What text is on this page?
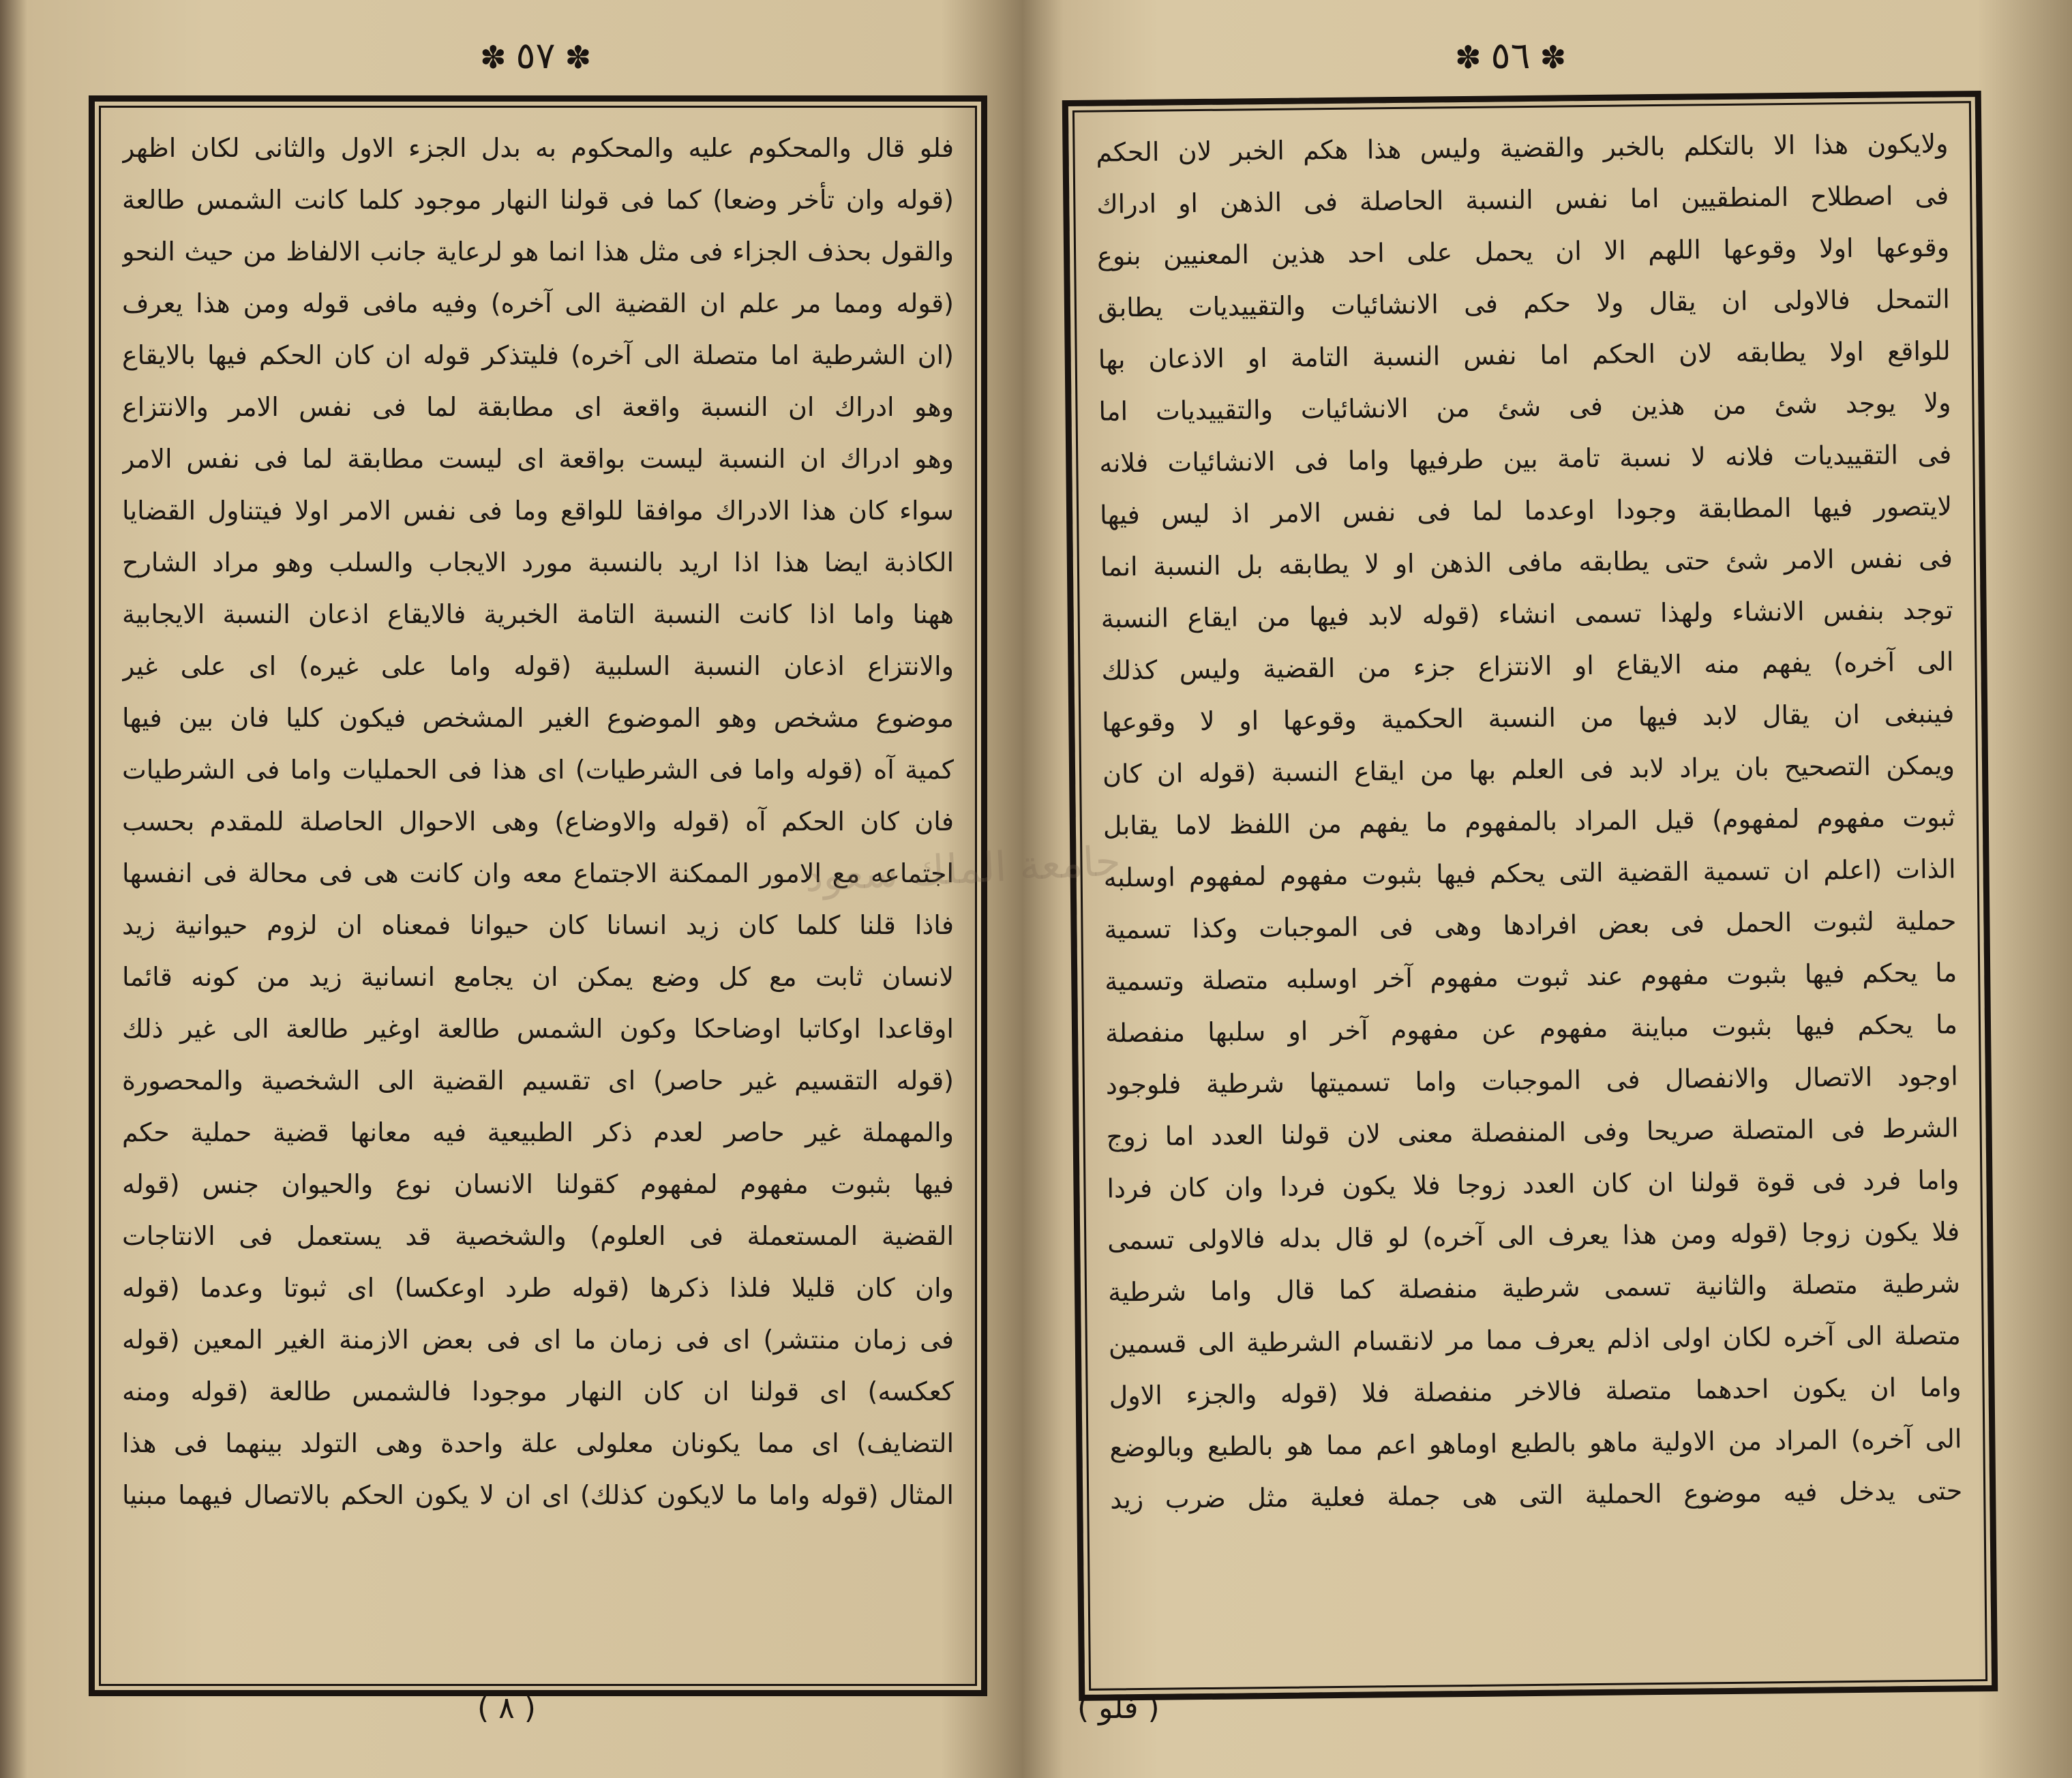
✽ ٥٧ ✽
فلو قال والمحكوم عليه والمحكوم به بدل الجزء الاول والثانى لكان اظهر
(قوله وان تأخر وضعا) كما فى قولنا النهار موجود كلما كانت الشمس طالعة
والقول بحذف الجزاء فى مثل هذا انما هو لرعاية جانب الالفاظ من حيث النحو
(قوله ومما مر علم ان القضية الى آخره) وفيه مافى قوله ومن هذا يعرف
(ان الشرطية اما متصلة الى آخره) فليتذكر قوله ان كان الحكم فيها بالايقاع
وهو ادراك ان النسبة واقعة اى مطابقة لما فى نفس الامر والانتزاع
وهو ادراك ان النسبة ليست بواقعة اى ليست مطابقة لما فى نفس الامر
سواء كان هذا الادراك موافقا للواقع وما فى نفس الامر اولا فيتناول القضايا
الكاذبة ايضا هذا اذا اريد بالنسبة مورد الايجاب والسلب وهو مراد الشارح
ههنا واما اذا كانت النسبة التامة الخبرية فالايقاع اذعان النسبة الايجابية
والانتزاع اذعان النسبة السلبية (قوله واما على غيره) اى على غير
موضوع مشخص وهو الموضوع الغير المشخص فيكون كليا فان بين فيها
كمية آه (قوله واما فى الشرطيات) اى هذا فى الحمليات واما فى الشرطيات
فان كان الحكم آه (قوله والاوضاع) وهى الاحوال الحاصلة للمقدم بحسب
اجتماعه مع الامور الممكنة الاجتماع معه وان كانت هى فى محالة فى انفسها
فاذا قلنا كلما كان زيد انسانا كان حيوانا فمعناه ان لزوم حيوانية زيد
لانسان ثابت مع كل وضع يمكن ان يجامع انسانية زيد من كونه قائما
اوقاعدا اوكاتبا اوضاحكا وكون الشمس طالعة اوغير طالعة الى غير ذلك
(قوله التقسيم غير حاصر) اى تقسيم القضية الى الشخصية والمحصورة
والمهملة غير حاصر لعدم ذكر الطبيعية فيه معانها قضية حملية حكم
فيها بثبوت مفهوم لمفهوم كقولنا الانسان نوع والحيوان جنس (قوله
القضية المستعملة فى العلوم) والشخصية قد يستعمل فى الانتاجات
وان كان قليلا فلذا ذكرها (قوله طرد اوعكسا) اى ثبوتا وعدما (قوله
فى زمان منتشر) اى فى زمان ما اى فى بعض الازمنة الغير المعين (قوله
كعكسه) اى قولنا ان كان النهار موجودا فالشمس طالعة (قوله ومنه
التضايف) اى مما يكونان معلولى علة واحدة وهى التولد بينهما فى هذا
المثال (قوله واما ما لايكون كذلك) اى ان لا يكون الحكم بالاتصال فيهما مبنيا
( ٨ )
✽ ٥٦ ✽
ولايكون هذا الا بالتكلم بالخبر والقضية وليس هذا هكم الخبر لان الحكم
فى اصطلاح المنطقيين اما نفس النسبة الحاصلة فى الذهن او ادراك
وقوعها اولا وقوعها اللهم الا ان يحمل على احد هذين المعنيين بنوع
التمحل فالاولى ان يقال ولا حكم فى الانشائيات والتقييديات يطابق
للواقع اولا يطابقه لان الحكم اما نفس النسبة التامة او الاذعان بها
ولا يوجد شئ من هذين فى شئ من الانشائيات والتقييديات اما
فى التقييديات فلانه لا نسبة تامة بين طرفيها واما فى الانشائيات فلانه
لايتصور فيها المطابقة وجودا اوعدما لما فى نفس الامر اذ ليس فيها
فى نفس الامر شئ حتى يطابقه مافى الذهن او لا يطابقه بل النسبة انما
توجد بنفس الانشاء ولهذا تسمى انشاء (قوله لابد فيها من ايقاع النسبة
الى آخره) يفهم منه الايقاع او الانتزاع جزء من القضية وليس كذلك
فينبغى ان يقال لابد فيها من النسبة الحكمية وقوعها او لا وقوعها
ويمكن التصحيح بان يراد لابد فى العلم بها من ايقاع النسبة (قوله ان كان
ثبوت مفهوم لمفهوم) قيل المراد بالمفهوم ما يفهم من اللفظ لاما يقابل
الذات (اعلم ان تسمية القضية التى يحكم فيها بثبوت مفهوم لمفهوم اوسلبه
حملية لثبوت الحمل فى بعض افرادها وهى فى الموجبات وكذا تسمية
ما يحكم فيها بثبوت مفهوم عند ثبوت مفهوم آخر اوسلبه متصلة وتسمية
ما يحكم فيها بثبوت مباينة مفهوم عن مفهوم آخر او سلبها منفصلة
اوجود الاتصال والانفصال فى الموجبات واما تسميتها شرطية فلوجود
الشرط فى المتصلة صريحا وفى المنفصلة معنى لان قولنا العدد اما زوج
واما فرد فى قوة قولنا ان كان العدد زوجا فلا يكون فردا وان كان فردا
فلا يكون زوجا (قوله ومن هذا يعرف الى آخره) لو قال بدله فالاولى تسمى
شرطية متصلة والثانية تسمى شرطية منفصلة كما قال واما شرطية
متصلة الى آخره لكان اولى اذلم يعرف مما مر لانقسام الشرطية الى قسمين
واما ان يكون احدهما متصلة فالاخر منفصلة فلا (قوله والجزء الاول
الى آخره) المراد من الاولية ماهو بالطبع اوماهو اعم مما هو بالطبع وبالوضع
حتى يدخل فيه موضوع الحملية التى هى جملة فعلية مثل ضرب زيد
( فلو )
جامعة الملك سعود
